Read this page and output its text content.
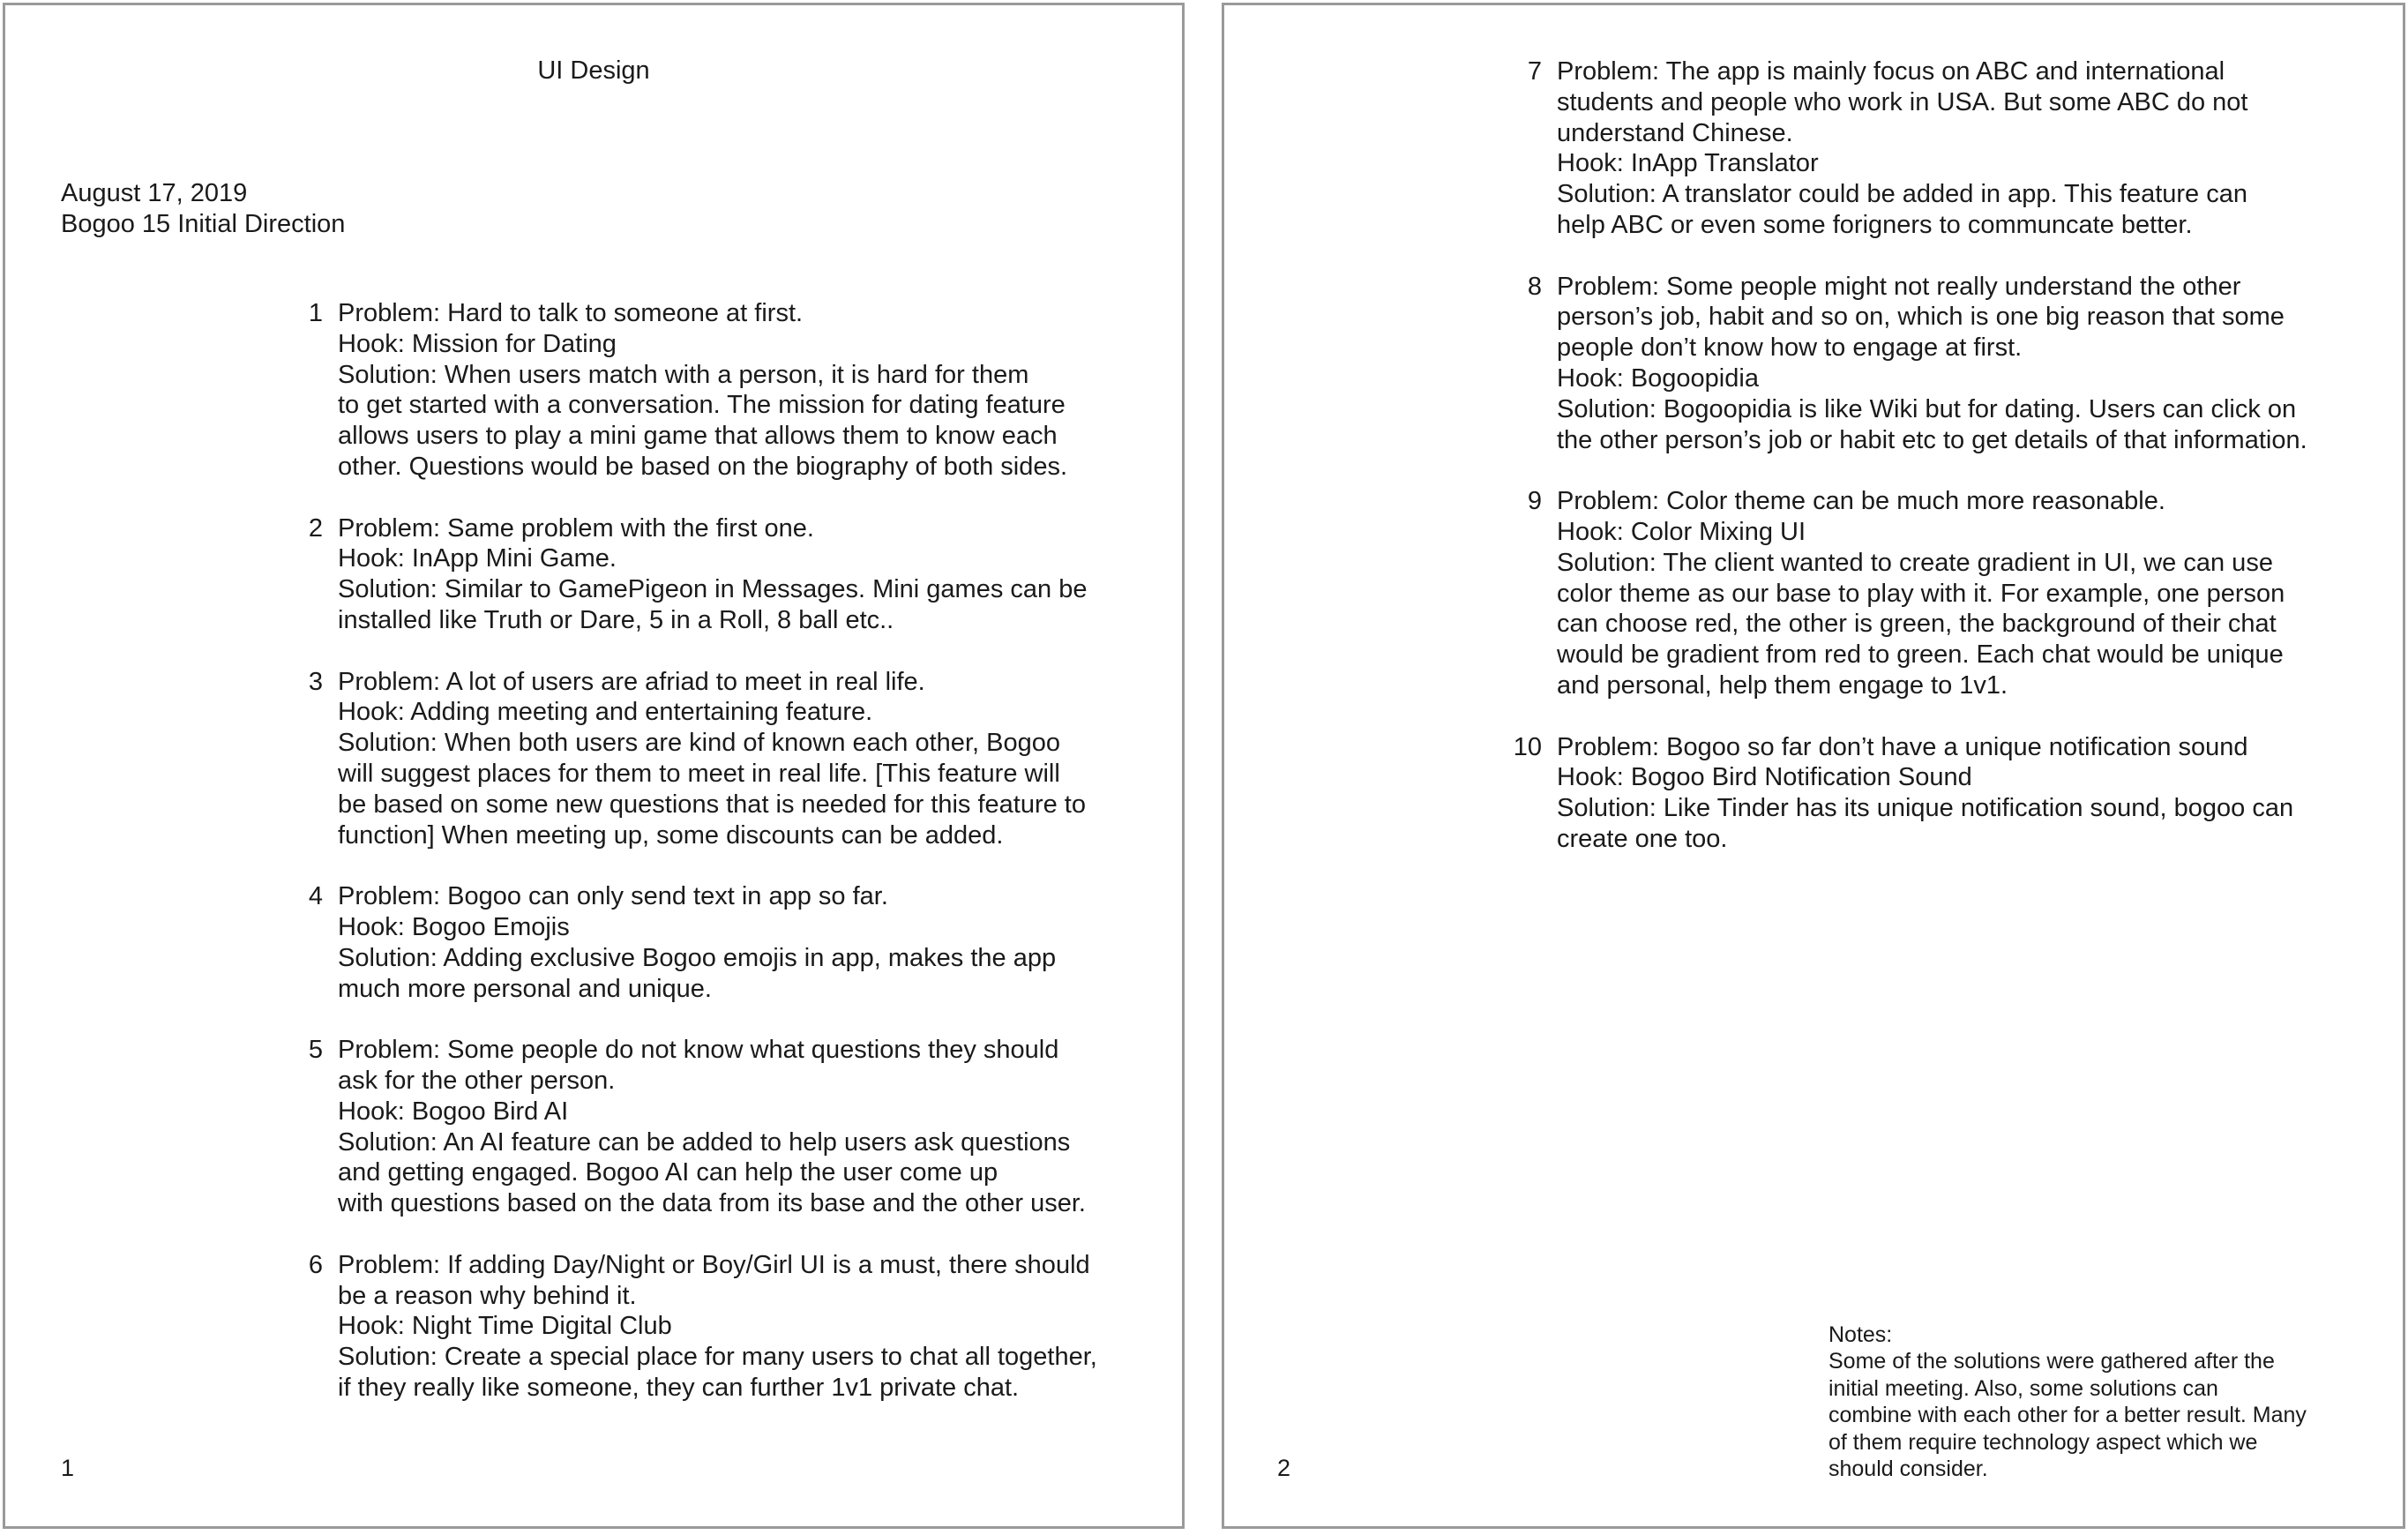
UI Design
August 17, 2019
Bogoo 15 Initial Direction
1 Problem: Hard to talk to someone at first.
Hook: Mission for Dating
Solution: When users match with a person, it is hard for them
to get started with a conversation. The mission for dating feature
allows users to play a mini game that allows them to know each
other. Questions would be based on the biography of both sides.
2 Problem: Same problem with the first one.
Hook: InApp Mini Game.
Solution: Similar to GamePigeon in Messages. Mini games can be
installed like Truth or Dare, 5 in a Roll, 8 ball etc..
3 Problem: A lot of users are afriad to meet in real life.
Hook: Adding meeting and entertaining feature.
Solution: When both users are kind of known each other, Bogoo
will suggest places for them to meet in real life. [This feature will
be based on some new questions that is needed for this feature to
function] When meeting up, some discounts can be added.
4 Problem: Bogoo can only send text in app so far.
Hook: Bogoo Emojis
Solution: Adding exclusive Bogoo emojis in app, makes the app
much more personal and unique.
5 Problem: Some people do not know what questions they should
ask for the other person.
Hook: Bogoo Bird AI
Solution: An AI feature can be added to help users ask questions
and getting engaged. Bogoo AI can help the user come up
with questions based on the data from its base and the other user.
6 Problem: If adding Day/Night or Boy/Girl UI is a must, there should
be a reason why behind it.
Hook: Night Time Digital Club
Solution: Create a special place for many users to chat all together,
if they really like someone, they can further 1v1 private chat.
1
7 Problem: The app is mainly focus on ABC and international
students and people who work in USA. But some ABC do not
understand Chinese.
Hook: InApp Translator
Solution: A translator could be added in app. This feature can
help ABC or even some forigners to communcate better.
8 Problem: Some people might not really understand the other
person’s job, habit and so on, which is one big reason that some
people don’t know how to engage at first.
Hook: Bogoopidia
Solution: Bogoopidia is like Wiki but for dating. Users can click on
the other person’s job or habit etc to get details of that information.
9 Problem: Color theme can be much more reasonable.
Hook: Color Mixing UI
Solution: The client wanted to create gradient in UI, we can use
color theme as our base to play with it. For example, one person
can choose red, the other is green, the background of their chat
would be gradient from red to green. Each chat would be unique
and personal, help them engage to 1v1.
10 Problem: Bogoo so far don’t have a unique notification sound
Hook: Bogoo Bird Notification Sound
Solution: Like Tinder has its unique notification sound, bogoo can
create one too.
Notes:
Some of the solutions were gathered after the
initial meeting. Also, some solutions can
combine with each other for a better result. Many
of them require technology aspect which we
should consider.
2
